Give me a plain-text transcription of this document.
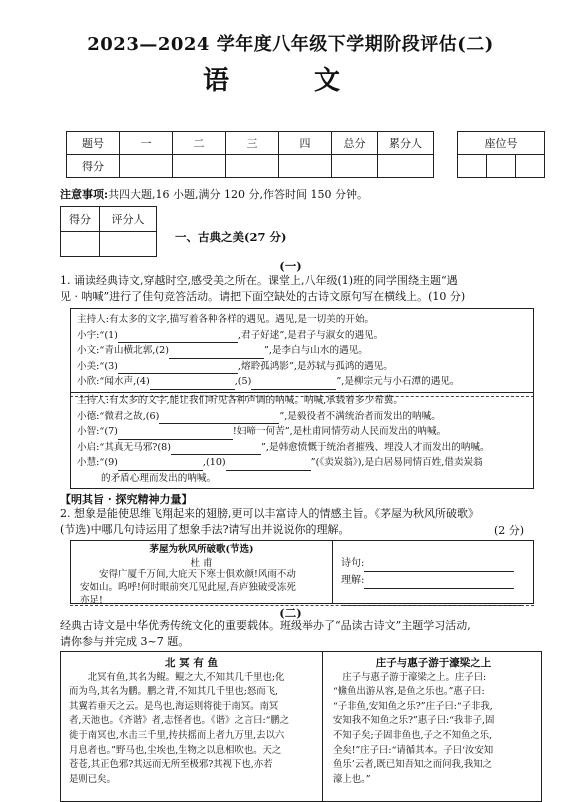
2023—2024 学年度八年级下学期阶段评估(二)
语 文
题号	一	二	三	四	总分	累分人
得分						
座位号

注意事项:共四大题,16 小题,满分 120 分,作答时间 150 分钟。
得分	评分人

一、古典之美(27 分)
(一)
1. 诵读经典诗文,穿越时空,感受美之所在。课堂上,八年级(1)班的同学围绕主题“遇
见 · 呐喊”进行了佳句竞答活动。请把下面空缺处的古诗文原句写在横线上。(10 分)
主持人:有太多的文字,描写着各种各样的遇见。遇见,是一切美的开始。
小宇:“(1)	,君子好逑”,是君子与淑女的遇见。
小文:“青山横北郭,(2)	”,是李白与山水的遇见。
小美:“(3)	,熔聆孤鸿影”,是苏轼与孤鸿的遇见。
小欣:“闻水声,(4)	,(5)	”,是柳宗元与小石潭的遇见。
主持人:有太多的文字,能让我们听见各种声调的呐喊。呐喊,承载着多少希冀。
小德:“微君之故,(6)	”,是毅役者不满统治者而发出的呐喊。
小智:“(7)	!妇啼一何苦”,是杜甫同情劳动人民而发出的呐喊。
小启:“其真无马邪?(8)	”,是韩愈愤慨于统治者摧残、埋没人才而发出的呐喊。
小慧:“(9)	,(10)	”(《卖炭翁》),是白居易同情百姓,借卖炭翁
的矛盾心理而发出的呐喊。
【明其旨 · 探究精神力量】
2. 想象是能使思维飞翔起来的翅膀,更可以丰富诗人的情感主旨。《茅屋为秋风所破歌》
(节选)中哪几句诗运用了想象手法?请写出并说说你的理解。	(2 分)
茅屋为秋风所破歌(节选)
杜 甫	诗句:
理解:
安得广厦千万间,大庇天下寒士俱欢颜!风雨不动
安如山。呜呼!何时眼前突兀见此屋,吾庐独破受冻死
亦足!
(二)
经典古诗文是中华优秀传统文化的重要载体。班级举办了“品读古诗文”主题学习活动,
请你参与并完成 3~7 题。
北 冥 有 鱼
北冥有鱼,其名为鲲。鲲之大,不知其几千里也;化
而为鸟,其名为鹏。鹏之背,不知其几千里也;怒而飞,
其翼若垂天之云。是鸟也,海运则将徙于南冥。南冥
者,天池也。《齐谐》者,志怪者也。《谐》之言曰:“鹏之
徙于南冥也,水击三千里,抟扶摇而上者九万里,去以六
月息者也。”野马也,尘埃也,生物之以息相吹也。天之
苍苍,其正色邪?其远而无所至极邪?其视下也,亦若
是则已矣。
庄子与惠子游于濠梁之上
庄子与惠子游于濠梁之上。庄子曰:
“鯈鱼出游从容,是鱼之乐也。”惠子曰:
“子非鱼,安知鱼之乐?”庄子曰:“子非我,
安知我不知鱼之乐?”惠子曰:“我非子,固
不知子矣;子固非鱼也,子之不知鱼之乐,
全矣!”庄子曰:“请循其本。子曰‘汝安知
鱼乐’云者,既已知吾知之而问我,我知之
濠上也。”
